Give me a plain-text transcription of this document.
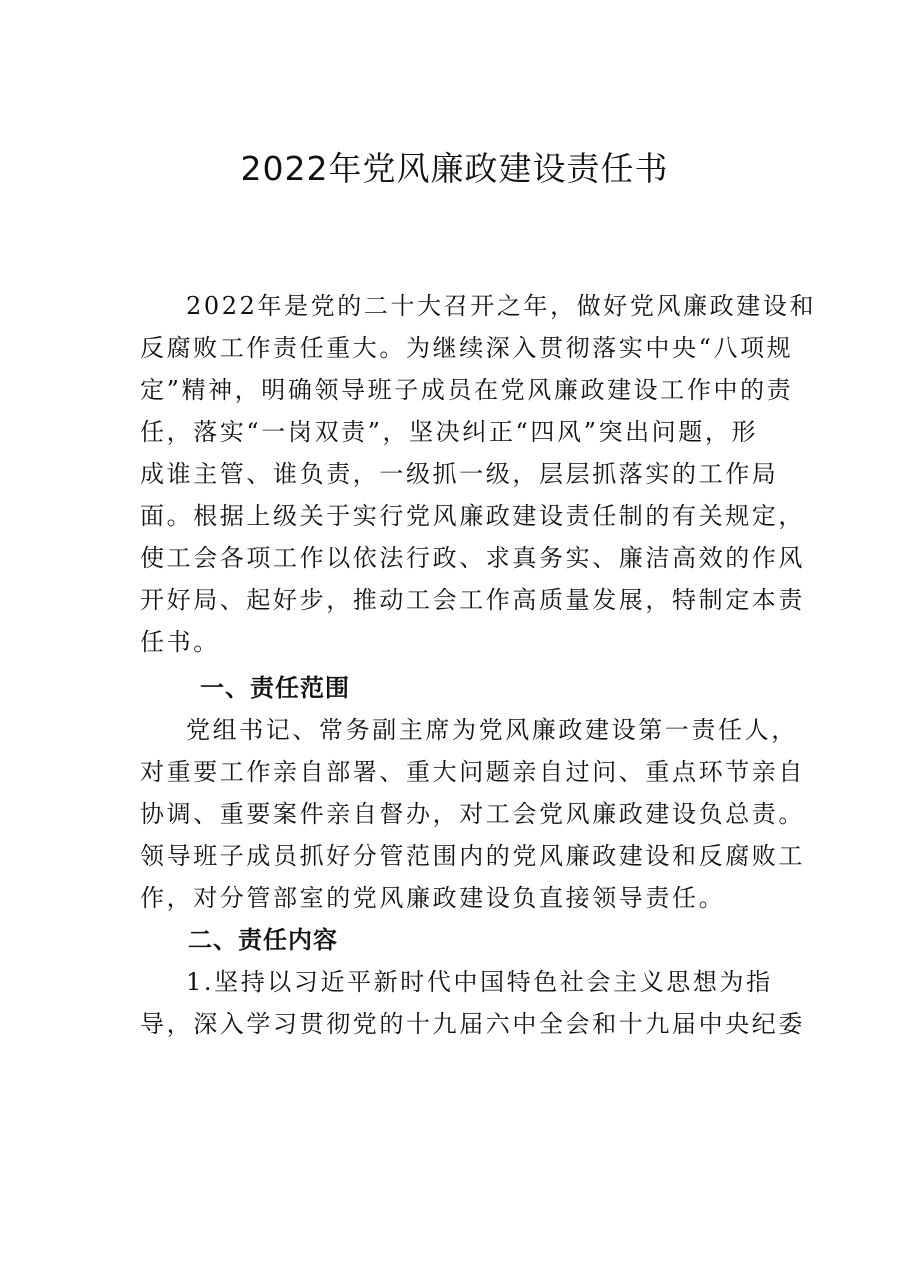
2022年党风廉政建设责任书
2022年是党的二十大召开之年，做好党风廉政建设和
反腐败工作责任重大。为继续深入贯彻落实中央“八项规
定”精神，明确领导班子成员在党风廉政建设工作中的责
任，落实“一岗双责”，坚决纠正“四风”突出问题，形
成谁主管、谁负责，一级抓一级，层层抓落实的工作局
面。根据上级关于实行党风廉政建设责任制的有关规定，
使工会各项工作以依法行政、求真务实、廉洁高效的作风
开好局、起好步，推动工会工作高质量发展，特制定本责
任书。
一、责任范围
党组书记、常务副主席为党风廉政建设第一责任人，
对重要工作亲自部署、重大问题亲自过问、重点环节亲自
协调、重要案件亲自督办，对工会党风廉政建设负总责。
领导班子成员抓好分管范围内的党风廉政建设和反腐败工
作，对分管部室的党风廉政建设负直接领导责任。
二、责任内容
1.坚持以习近平新时代中国特色社会主义思想为指
导，深入学习贯彻党的十九届六中全会和十九届中央纪委
